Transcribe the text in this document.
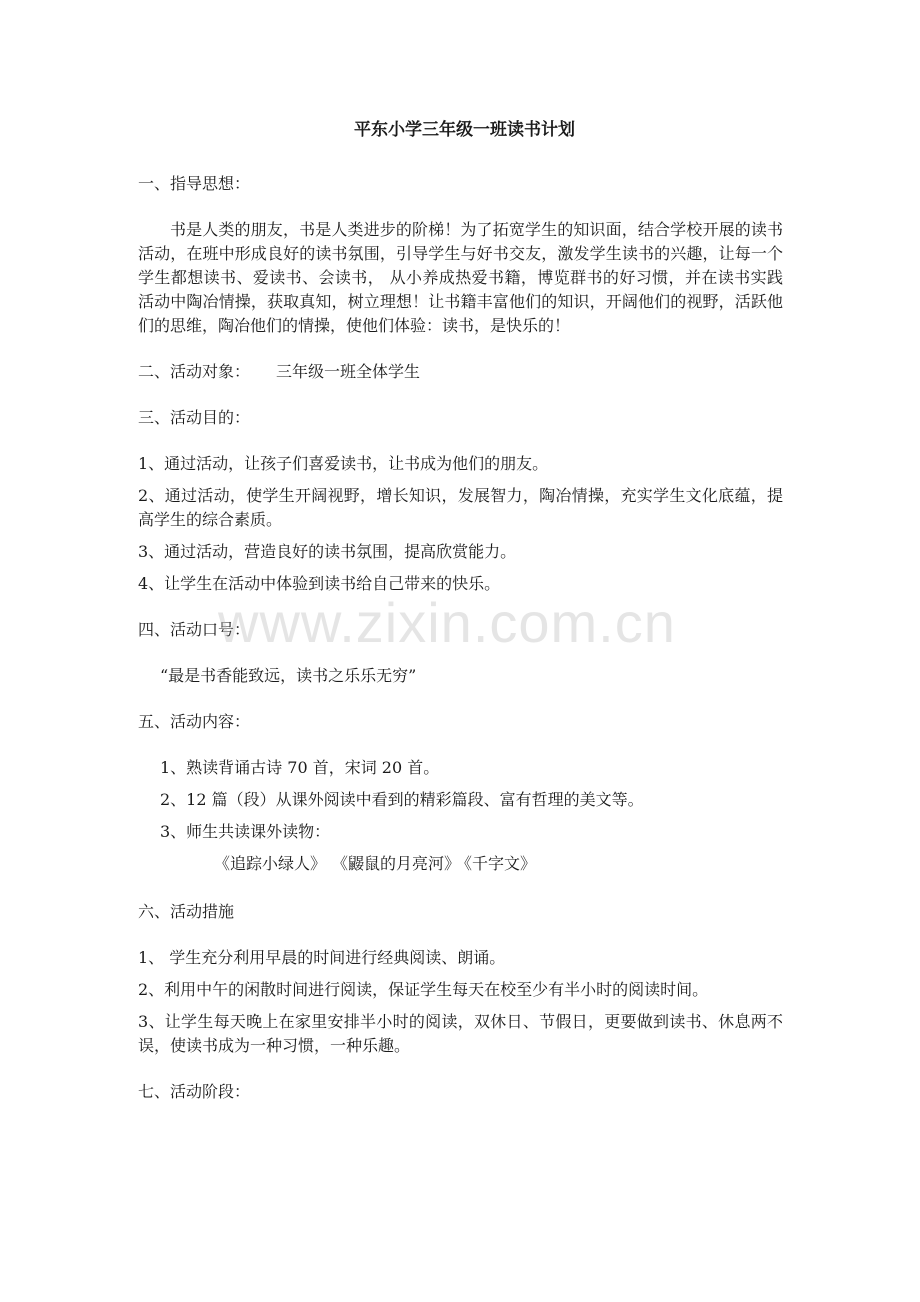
平东小学三年级一班读书计划
一、指导思想：
书是人类的朋友，书是人类进步的阶梯！为了拓宽学生的知识面，结合学校开展的读书活动，在班中形成良好的读书氛围，引导学生与好书交友，激发学生读书的兴趣，让每一个学生都想读书、爱读书、会读书， 从小养成热爱书籍，博览群书的好习惯，并在读书实践活动中陶冶情操，获取真知，树立理想！让书籍丰富他们的知识，开阔他们的视野，活跃他们的思维，陶冶他们的情操，使他们体验：读书，是快乐的！
二、活动对象： 三年级一班全体学生
三、活动目的：
1、通过活动，让孩子们喜爱读书，让书成为他们的朋友。
2、通过活动，使学生开阔视野，增长知识，发展智力，陶冶情操，充实学生文化底蕴，提高学生的综合素质。
3、通过活动，营造良好的读书氛围，提高欣赏能力。
4、让学生在活动中体验到读书给自己带来的快乐。
四、活动口号：
“最是书香能致远，读书之乐乐无穷”
五、活动内容：
1、熟读背诵古诗 70 首，宋词 20 首。
2、12 篇（段）从课外阅读中看到的精彩篇段、富有哲理的美文等。
3、师生共读课外读物：
《追踪小绿人》 《鼹鼠的月亮河》 《千字文》
六、活动措施
1、 学生充分利用早晨的时间进行经典阅读、朗诵。
2、利用中午的闲散时间进行阅读，保证学生每天在校至少有半小时的阅读时间。
3、让学生每天晚上在家里安排半小时的阅读，双休日、节假日，更要做到读书、休息两不误，使读书成为一种习惯，一种乐趣。
七、活动阶段：
www.zixin.com.cn
